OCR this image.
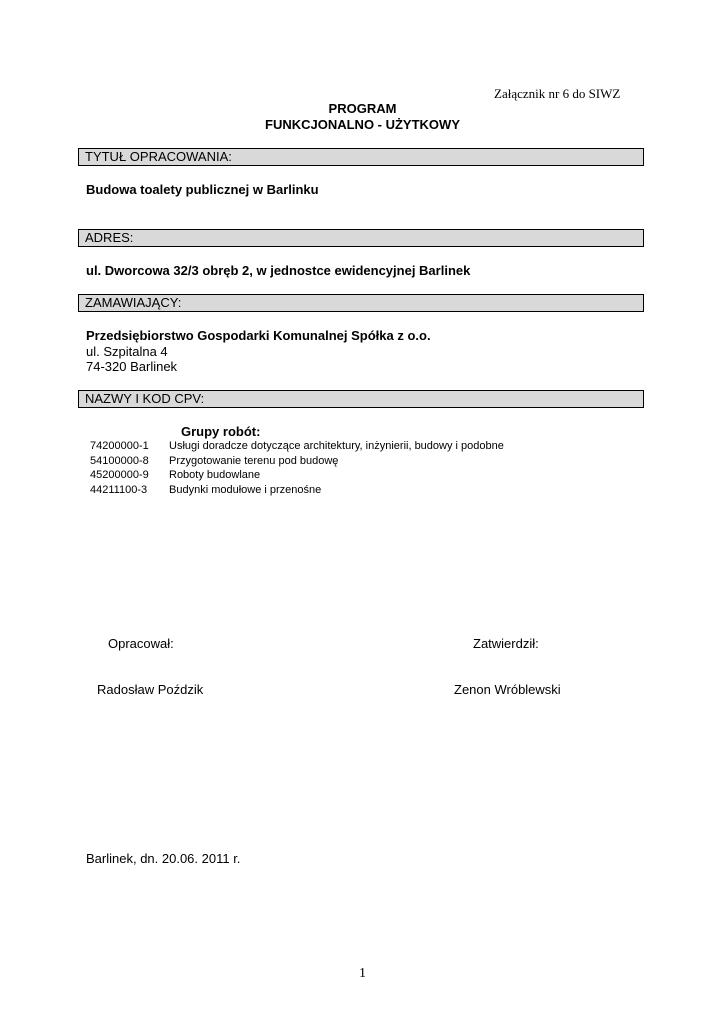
Załącznik nr 6 do SIWZ
PROGRAM
FUNKCJONALNO - UŻYTKOWY
TYTUŁ OPRACOWANIA:
Budowa toalety publicznej w Barlinku
ADRES:
ul. Dworcowa 32/3 obręb 2, w jednostce ewidencyjnej Barlinek
ZAMAWIAJĄCY:
Przedsiębiorstwo Gospodarki Komunalnej Spółka z o.o.
ul. Szpitalna 4
74-320 Barlinek
NAZWY I KOD CPV:
Grupy robót:
74200000-1	Usługi doradcze dotyczące architektury, inżynierii, budowy i podobne
54100000-8	Przygotowanie terenu pod budowę
45200000-9	Roboty budowlane
44211100-3	Budynki modułowe i przenośne
Opracował:	Zatwierdził:
Radosław Poździk	Zenon Wróblewski
Barlinek, dn. 20.06. 2011 r.
1
